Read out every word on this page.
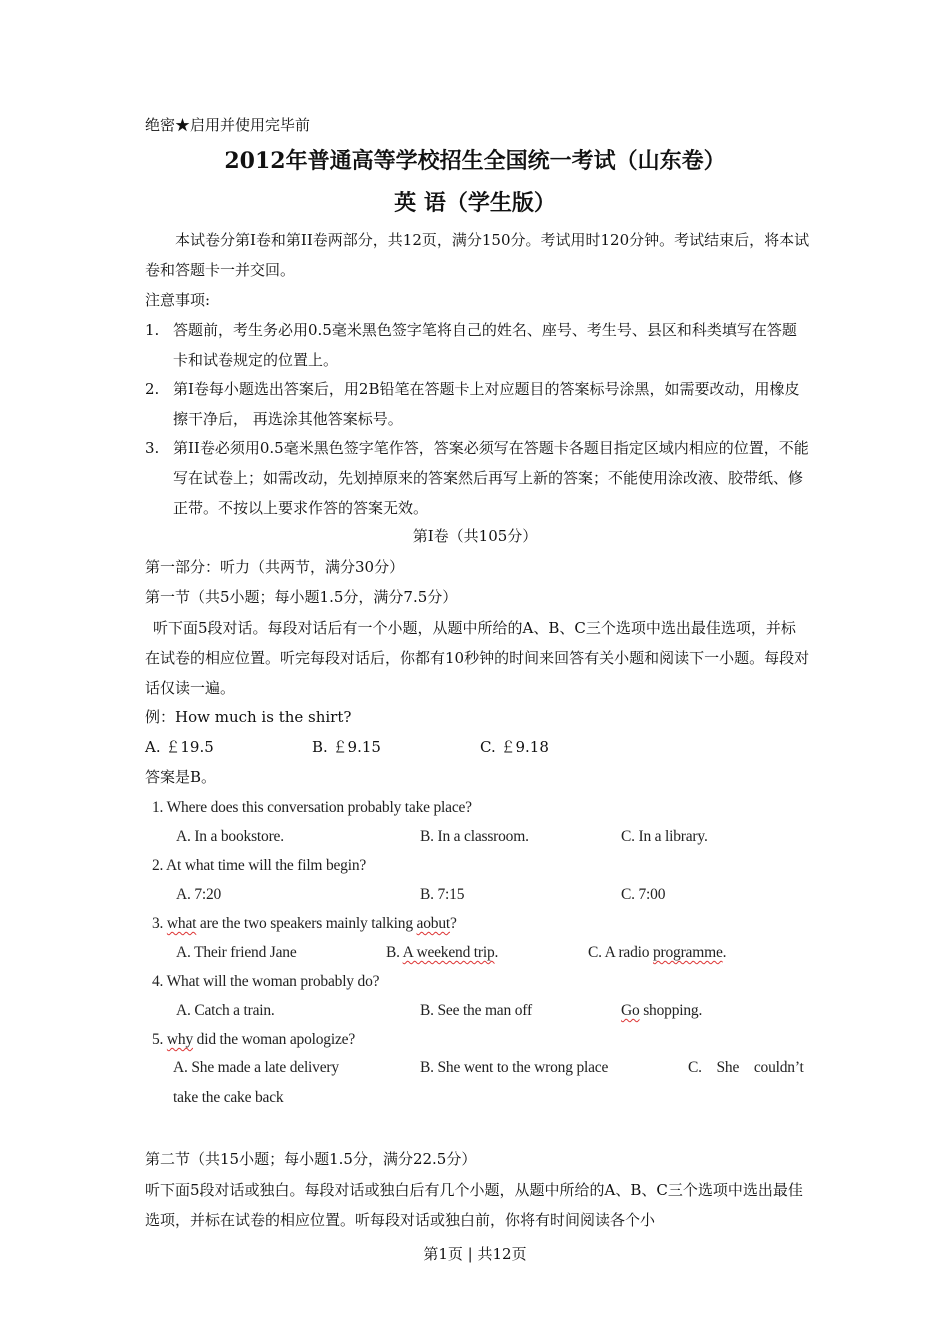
绝密★启用并使用完毕前
2012年普通高等学校招生全国统一考试（山东卷）
英 语（学生版）
本试卷分第I卷和第II卷两部分，共12页，满分150分。考试用时120分钟。考试结束后，将本试卷和答题卡一并交回。
注意事项:
1. 答题前，考生务必用0.5毫米黑色签字笔将自己的姓名、座号、考生号、县区和科类填写在答题卡和试卷规定的位置上。
2. 第I卷每小题选出答案后，用2B铅笔在答题卡上对应题目的答案标号涂黑，如需要改动，用橡皮擦干净后， 再选涂其他答案标号。
3. 第II卷必须用0.5毫米黑色签字笔作答，答案必须写在答题卡各题目指定区域内相应的位置，不能写在试卷上；如需改动，先划掉原来的答案然后再写上新的答案；不能使用涂改液、胶带纸、修正带。不按以上要求作答的答案无效。
第I卷（共105分）
第一部分：听力（共两节，满分30分）
第一节（共5小题；每小题1.5分，满分7.5分）
听下面5段对话。每段对话后有一个小题，从题中所给的A、B、C三个选项中选出最佳选项，并标在试卷的相应位置。听完每段对话后，你都有10秒钟的时间来回答有关小题和阅读下一小题。每段对话仅读一遍。
例：How much is the shirt?
A. ￡19.5	B. ￡9.15	C. ￡9.18
答案是B。
1. Where does this conversation probably take place?
A. In a bookstore.	B. In a classroom.	C. In a library.
2. At what time will the film begin?
A. 7:20	B. 7:15	C. 7:00
3. what are the two speakers mainly talking aobut?
A. Their friend Jane	B. A weekend trip.	C. A radio programme.
4. What will the woman probably do?
A. Catch a train.	B. See the man off	Go shopping.
5. why did the woman apologize?
A. She made a late delivery	B. She went to the wrong place	C.    She    couldn’t
take the cake back
第二节（共15小题；每小题1.5分，满分22.5分）
听下面5段对话或独白。每段对话或独白后有几个小题，从题中所给的A、B、C三个选项中选出最佳选项，并标在试卷的相应位置。听每段对话或独白前，你将有时间阅读各个小
第1页 | 共12页
